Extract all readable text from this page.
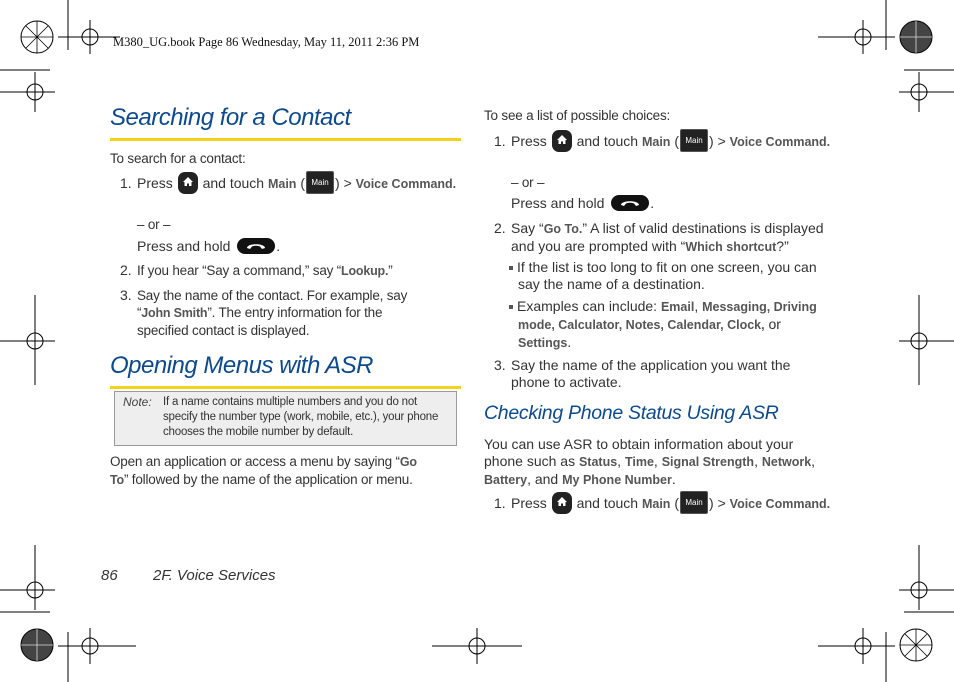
M380_UG.book Page 86 Wednesday, May 11, 2011 2:36 PM
Searching for a Contact
To search for a contact:
1. Press
and touch Main ( Main ) > Voice Command.
– or –
Press and hold	.
2. If you hear “Say a command,” say “Lookup.”
3. Say the name of the contact. For example, say
“John Smith”. The entry information for the
specified contact is displayed.
Opening Menus with ASR
Note: If a name contains multiple numbers and you do not specify the number type (work, mobile, etc.), your phone chooses the mobile number by default.
Open an application or access a menu by saying “Go
To” followed by the name of the application or menu.
To see a list of possible choices:
1. Press
and touch Main ( Main ) > Voice Command.
– or –
Press and hold	.
2. Say “Go To.” A list of valid destinations is displayed
and you are prompted with “Which shortcut?”
If the list is too long to fit on one screen, you can
say the name of a destination.
Examples can include: Email, Messaging, Driving
mode, Calculator, Notes, Calendar, Clock, or
Settings.
3. Say the name of the application you want the
phone to activate.
Checking Phone Status Using ASR
You can use ASR to obtain information about your
phone such as Status, Time, Signal Strength, Network,
Battery, and My Phone Number.
1. Press
and touch Main ( Main ) > Voice Command.
86 2F. Voice Services
